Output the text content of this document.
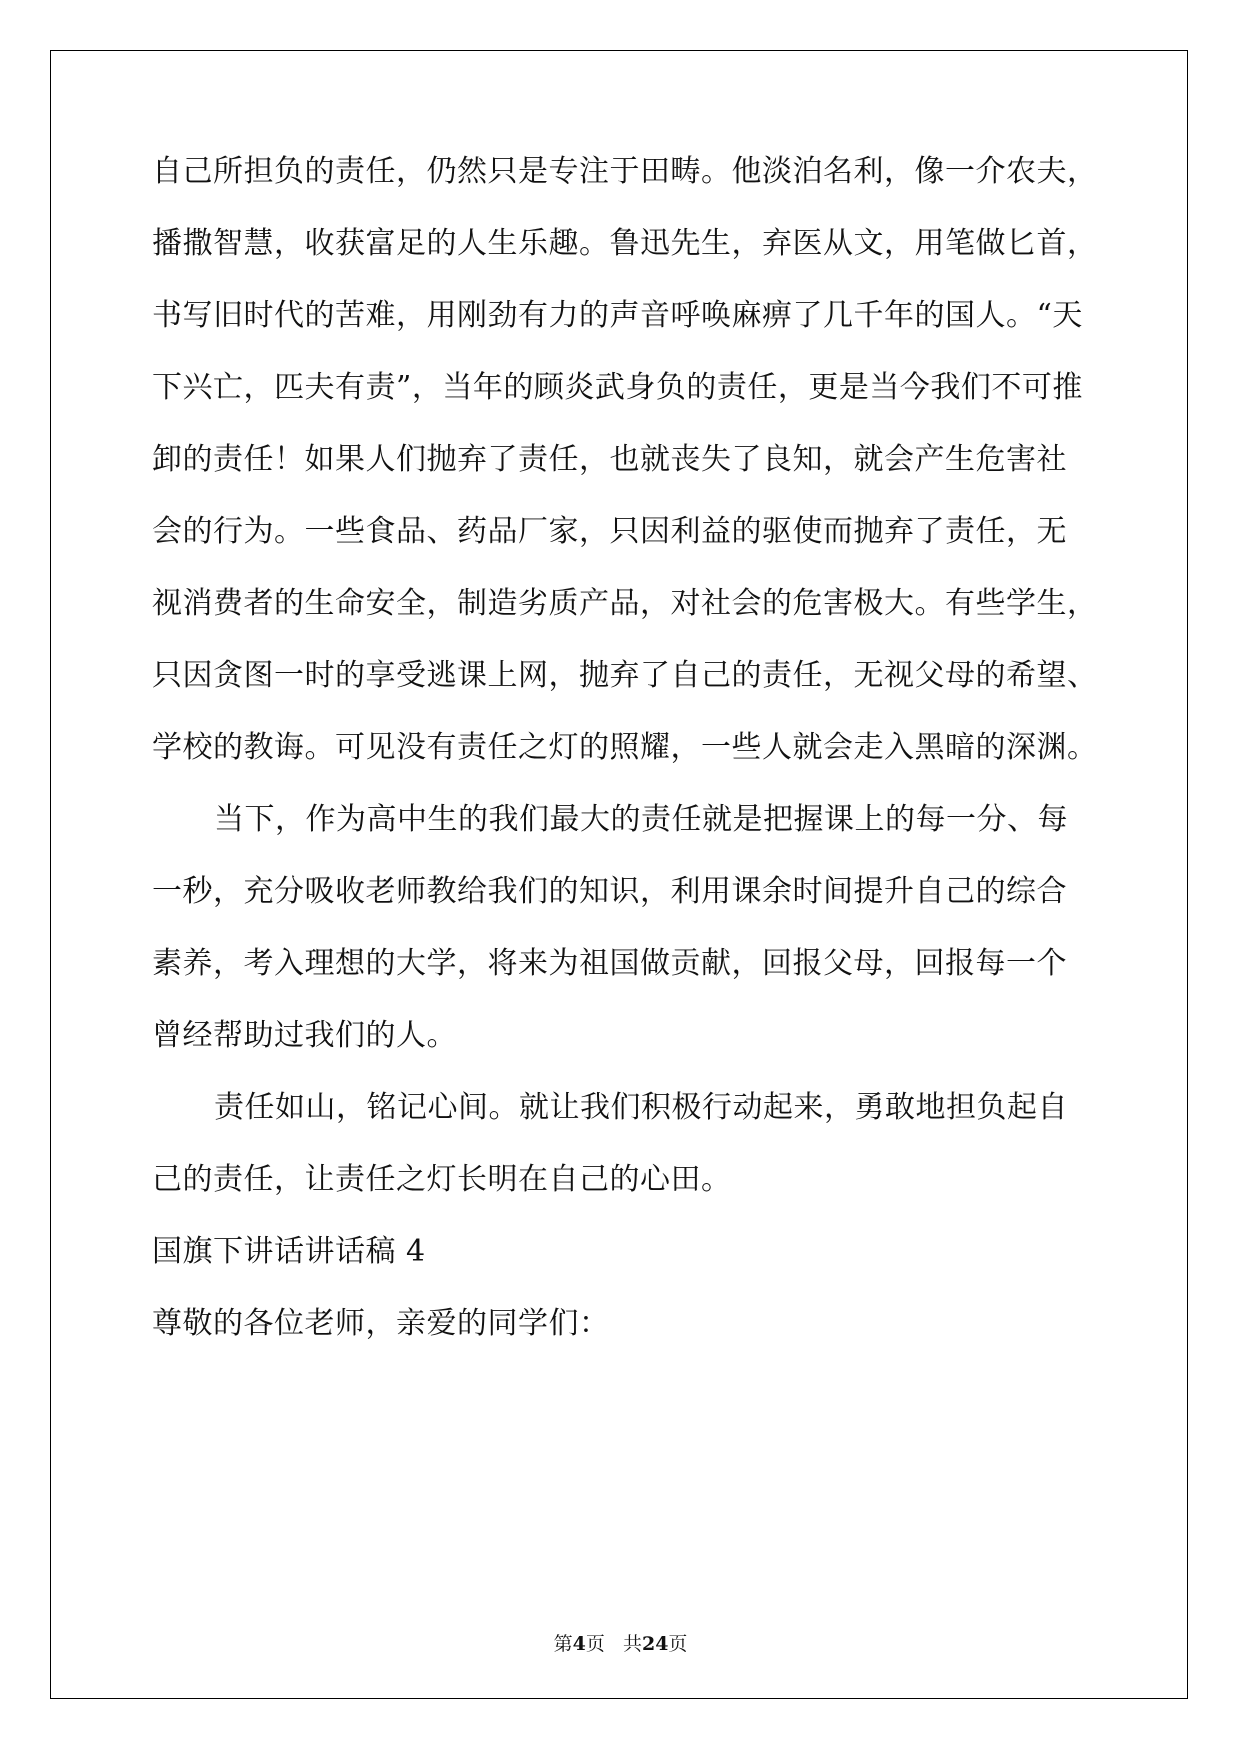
自己所担负的责任，仍然只是专注于田畴。他淡泊名利，像一介农夫，
播撒智慧，收获富足的人生乐趣。鲁迅先生，弃医从文，用笔做匕首，
书写旧时代的苦难，用刚劲有力的声音呼唤麻痹了几千年的国人。“天
下兴亡，匹夫有责”，当年的顾炎武身负的责任，更是当今我们不可推
卸的责任！如果人们抛弃了责任，也就丧失了良知，就会产生危害社
会的行为。一些食品、药品厂家，只因利益的驱使而抛弃了责任，无
视消费者的生命安全，制造劣质产品，对社会的危害极大。有些学生，
只因贪图一时的享受逃课上网，抛弃了自己的责任，无视父母的希望、
学校的教诲。可见没有责任之灯的照耀，一些人就会走入黑暗的深渊。
当下，作为高中生的我们最大的责任就是把握课上的每一分、每
一秒，充分吸收老师教给我们的知识，利用课余时间提升自己的综合
素养，考入理想的大学，将来为祖国做贡献，回报父母，回报每一个
曾经帮助过我们的人。
责任如山，铭记心间。就让我们积极行动起来，勇敢地担负起自
己的责任，让责任之灯长明在自己的心田。
国旗下讲话讲话稿 4
尊敬的各位老师，亲爱的同学们：
第4页 共24页
